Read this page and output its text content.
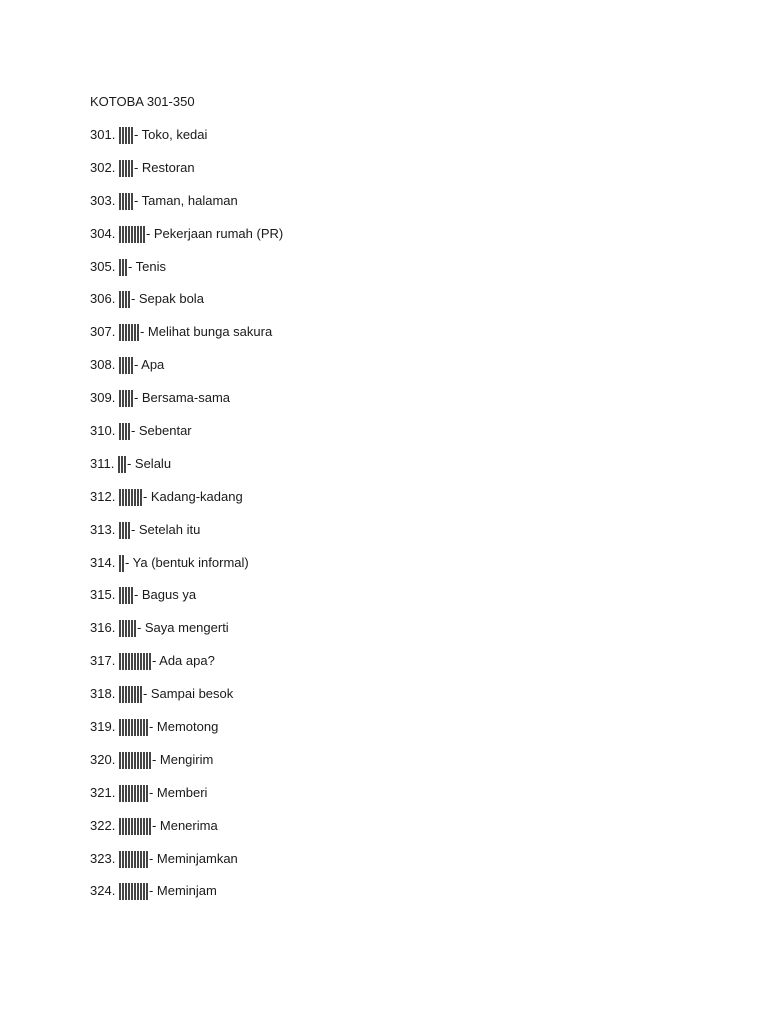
KOTOBA 301-350
301. - Toko, kedai
302. - Restoran
303. - Taman, halaman
304. - Pekerjaan rumah (PR)
305. - Tenis
306. - Sepak bola
307. - Melihat bunga sakura
308. - Apa
309. - Bersama-sama
310. - Sebentar
311. - Selalu
312. - Kadang-kadang
313. - Setelah itu
314. - Ya (bentuk informal)
315. - Bagus ya
316. - Saya mengerti
317.	- Ada apa?
318. - Sampai besok
319.	- Memotong
320.	- Mengirim
321.	- Memberi
322.	- Menerima
323.	- Meminjamkan
324.	- Meminjam
